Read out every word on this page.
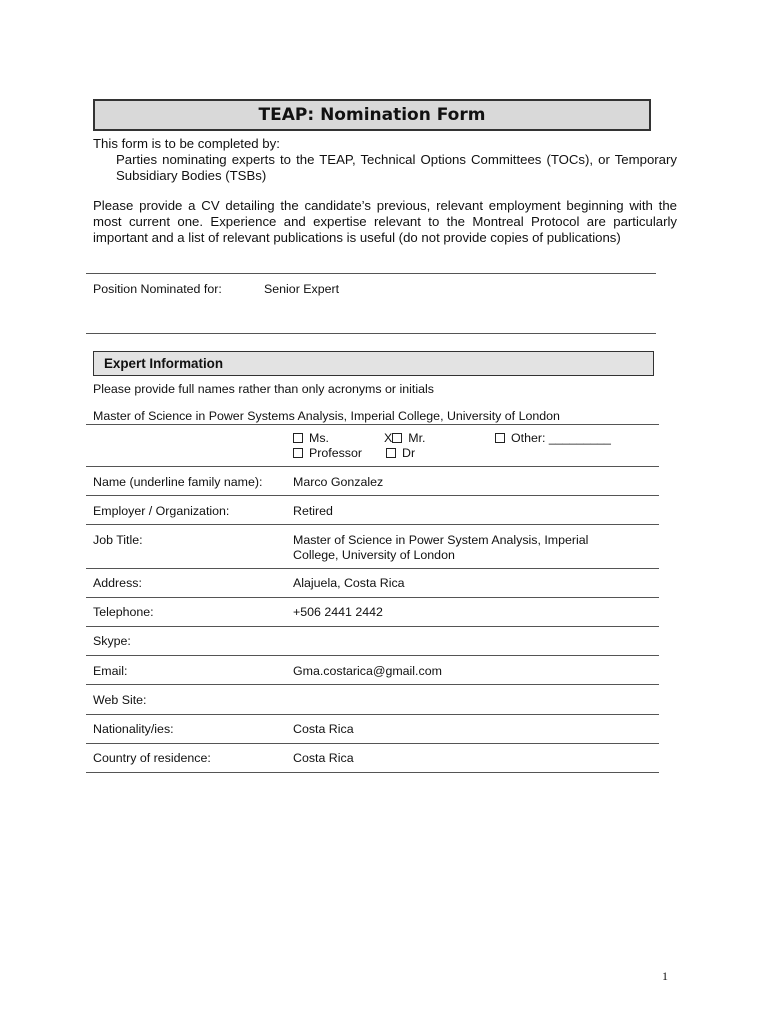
TEAP: Nomination Form
This form is to be completed by:
Parties nominating experts to the TEAP, Technical Options Committees (TOCs), or Temporary Subsidiary Bodies (TSBs)
Please provide a CV detailing the candidate’s previous, relevant employment beginning with the most current one. Experience and expertise relevant to the Montreal Protocol are particularly important and a list of relevant publications is useful (do not provide copies of publications)
Position Nominated for:	Senior Expert
Expert Information
Please provide full names rather than only acronyms or initials
Master of Science in Power Systems Analysis, Imperial College, University of London
Ms.	X Mr.	Other: _________
Professor	Dr
Name (underline family name): Marco Gonzalez
Employer / Organization:	Retired
Job Title:	Master of Science in Power System Analysis, Imperial College, University of London
Address:	Alajuela, Costa Rica
Telephone:	+506 2441 2442
Skype:
Email:	Gma.costarica@gmail.com
Web Site:
Nationality/ies:	Costa Rica
Country of residence:	Costa Rica
1
